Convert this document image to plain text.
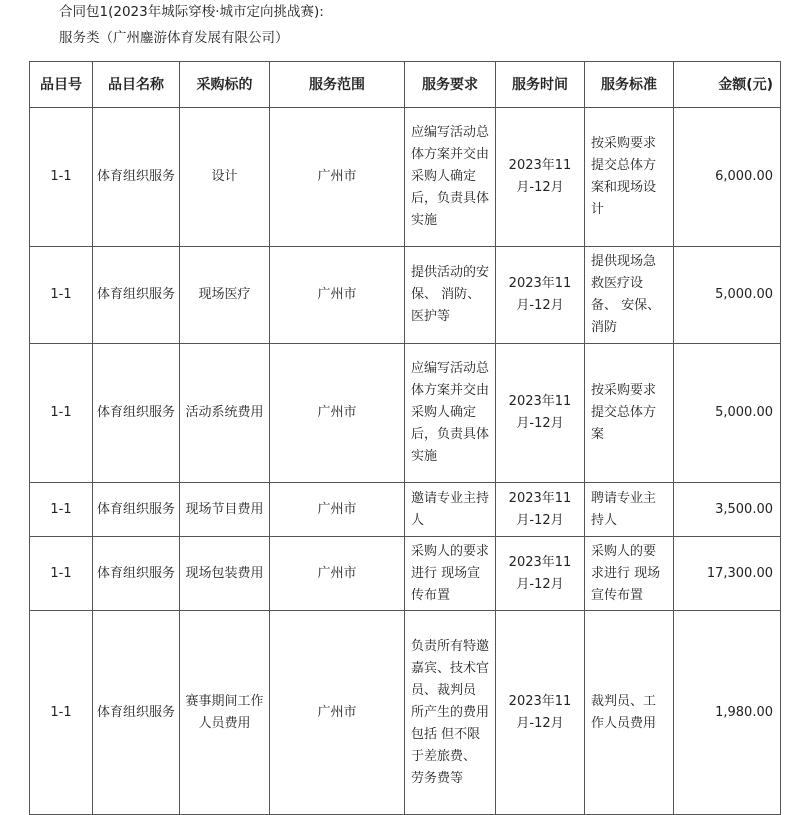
合同包1(2023年城际穿梭·城市定向挑战赛):
服务类（广州鏖游体育发展有限公司）
品目号	品目名称	采购标的	服务范围	服务要求	服务时间	服务标准	金额(元)
1-1	体育组织服务	设计	广州市	应编写活动总体方案并交由采购人确定后，负责具体实施	2023年11月-12月	按采购要求提交总体方案和现场设计	6,000.00
1-1	体育组织服务	现场医疗	广州市	提供活动的安保、 消防、医护等	2023年11月-12月	提供现场急救医疗设备、 安保、消防	5,000.00
1-1	体育组织服务	活动系统费用	广州市	应编写活动总体方案并交由采购人确定后，负责具体实施	2023年11月-12月	按采购要求提交总体方案	5,000.00
1-1	体育组织服务	现场节目费用	广州市	邀请专业主持人	2023年11月-12月	聘请专业主持人	3,500.00
1-1	体育组织服务	现场包装费用	广州市	采购人的要求进行 现场宣传布置	2023年11月-12月	采购人的要求进行 现场宣传布置	17,300.00
1-1	体育组织服务	赛事期间工作人员费用	广州市	负责所有特邀嘉宾、技术官员、裁判员 所产生的费用包括 但不限于差旅费、 劳务费等	2023年11月-12月	裁判员、工作人员费用	1,980.00
